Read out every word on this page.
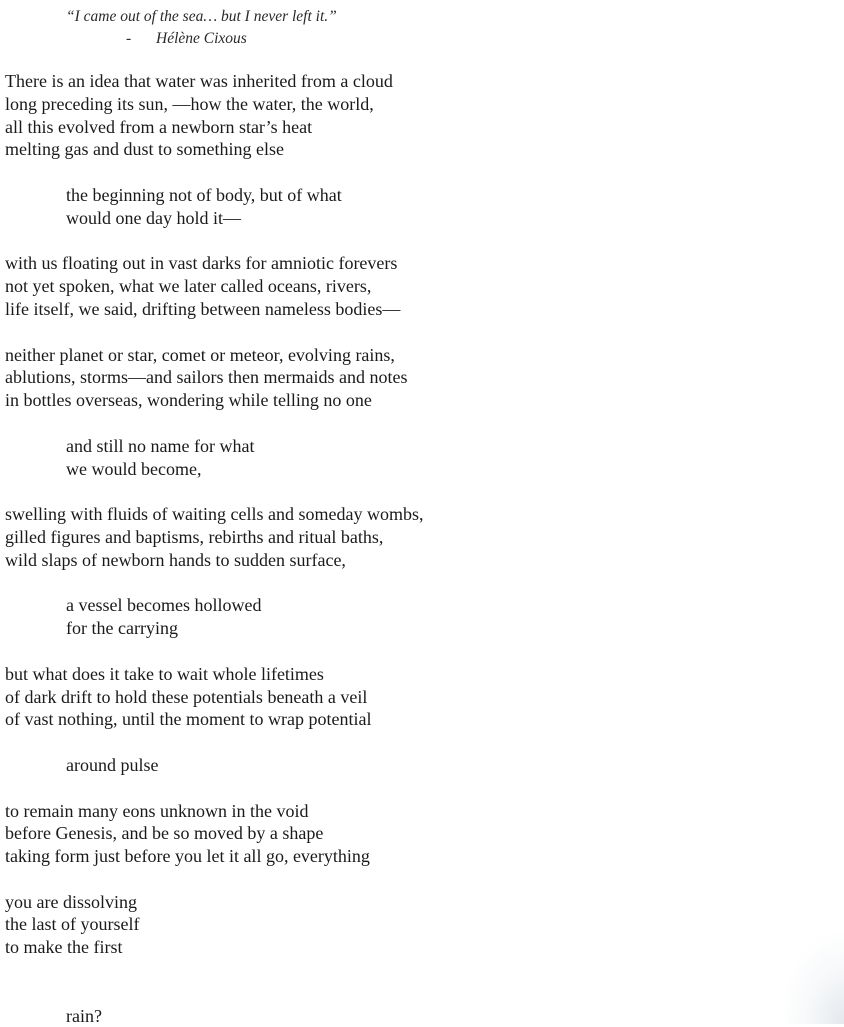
“I came out of the sea… but I never left it.”
- Hélène Cixous
There is an idea that water was inherited from a cloud
long preceding its sun, —how the water, the world,
all this evolved from a newborn star’s heat
melting gas and dust to something else
the beginning not of body, but of what
would one day hold it—
with us floating out in vast darks for amniotic forevers
not yet spoken, what we later called oceans, rivers,
life itself, we said, drifting between nameless bodies—
neither planet or star, comet or meteor, evolving rains,
ablutions, storms—and sailors then mermaids and notes
in bottles overseas, wondering while telling no one
and still no name for what
we would become,
swelling with fluids of waiting cells and someday wombs,
gilled figures and baptisms, rebirths and ritual baths,
wild slaps of newborn hands to sudden surface,
a vessel becomes hollowed
for the carrying
but what does it take to wait whole lifetimes
of dark drift to hold these potentials beneath a veil
of vast nothing, until the moment to wrap potential
around pulse
to remain many eons unknown in the void
before Genesis, and be so moved by a shape
taking form just before you let it all go, everything
you are dissolving
the last of yourself
to make the first
rain?
